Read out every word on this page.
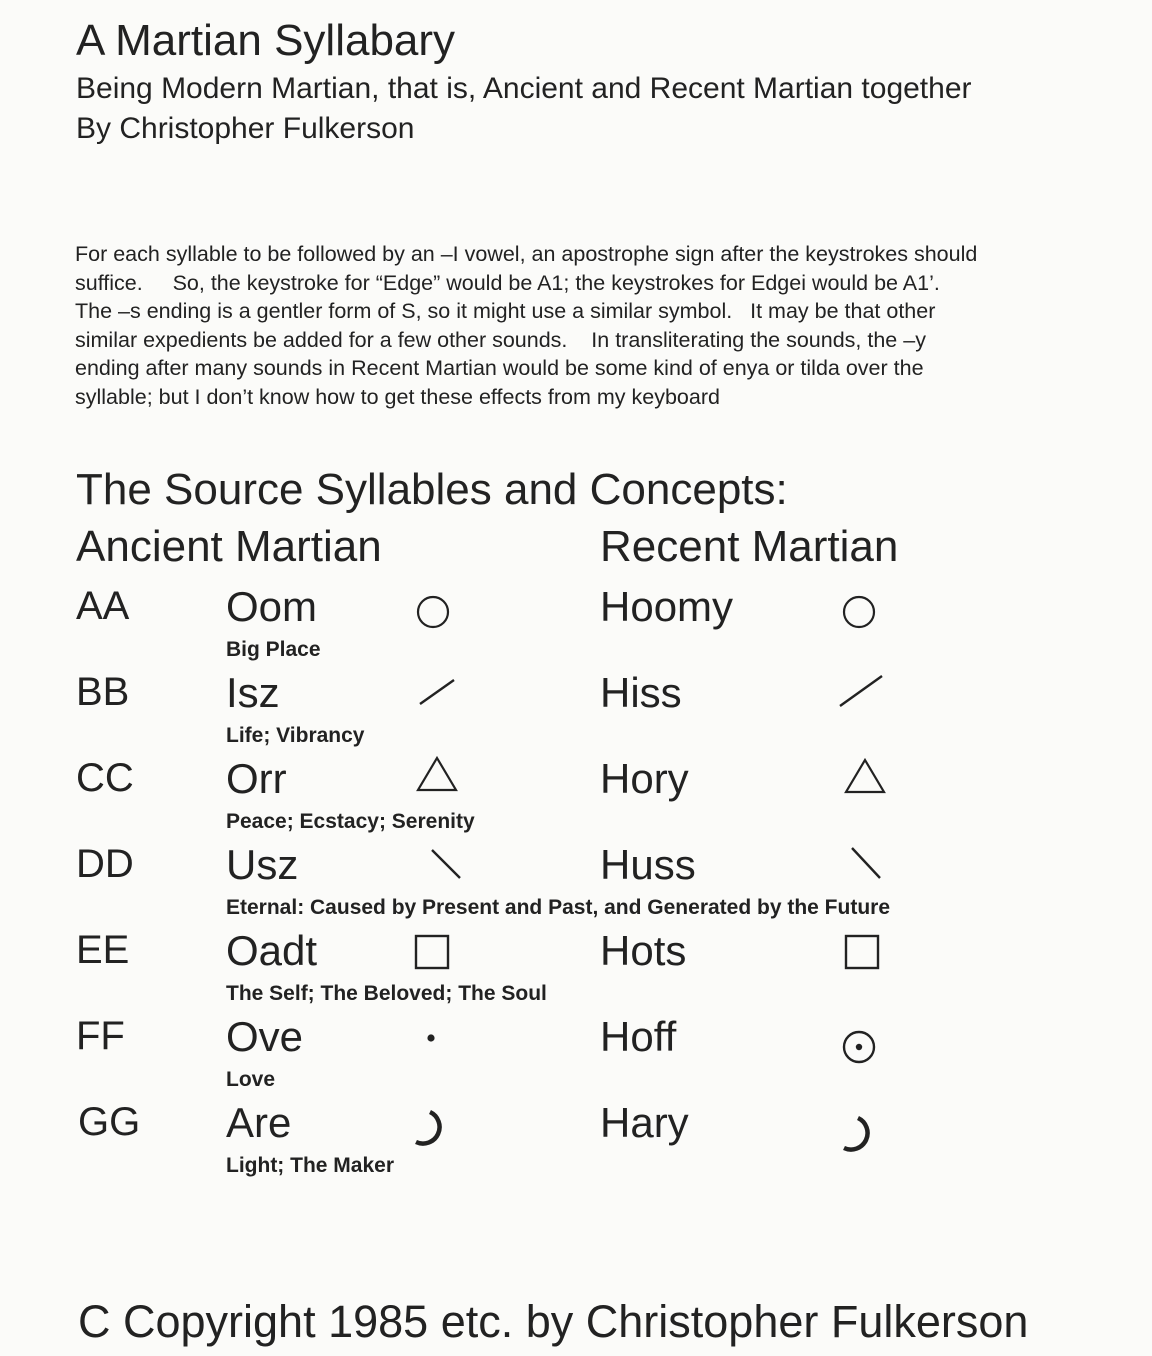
A Martian Syllabary
Being Modern Martian, that is, Ancient and Recent Martian together
By Christopher Fulkerson
For each syllable to be followed by an –I vowel, an apostrophe sign after the keystrokes should
suffice.     So, the keystroke for “Edge” would be A1; the keystrokes for Edgei would be A1’.
The –s ending is a gentler form of S, so it might use a similar symbol.   It may be that other
similar expedients be added for a few other sounds.    In transliterating the sounds, the –y
ending after many sounds in Recent Martian would be some kind of enya or tilda over the
syllable; but I don’t know how to get these effects from my keyboard
The Source Syllables and Concepts:
Ancient Martian	Recent Martian
AA Oom
Big Place
Hoomy
BB Isz
Life; Vibrancy
Hiss
CC Orr
Peace; Ecstacy; Serenity
Hory
DD Usz
Eternal: Caused by Present and Past, and Generated by the Future
Huss
EE Oadt
The Self; The Beloved; The Soul
Hots
FF Ove
Love
Hoff
GG Are
Light; The Maker
Hary
C Copyright 1985 etc. by Christopher Fulkerson
